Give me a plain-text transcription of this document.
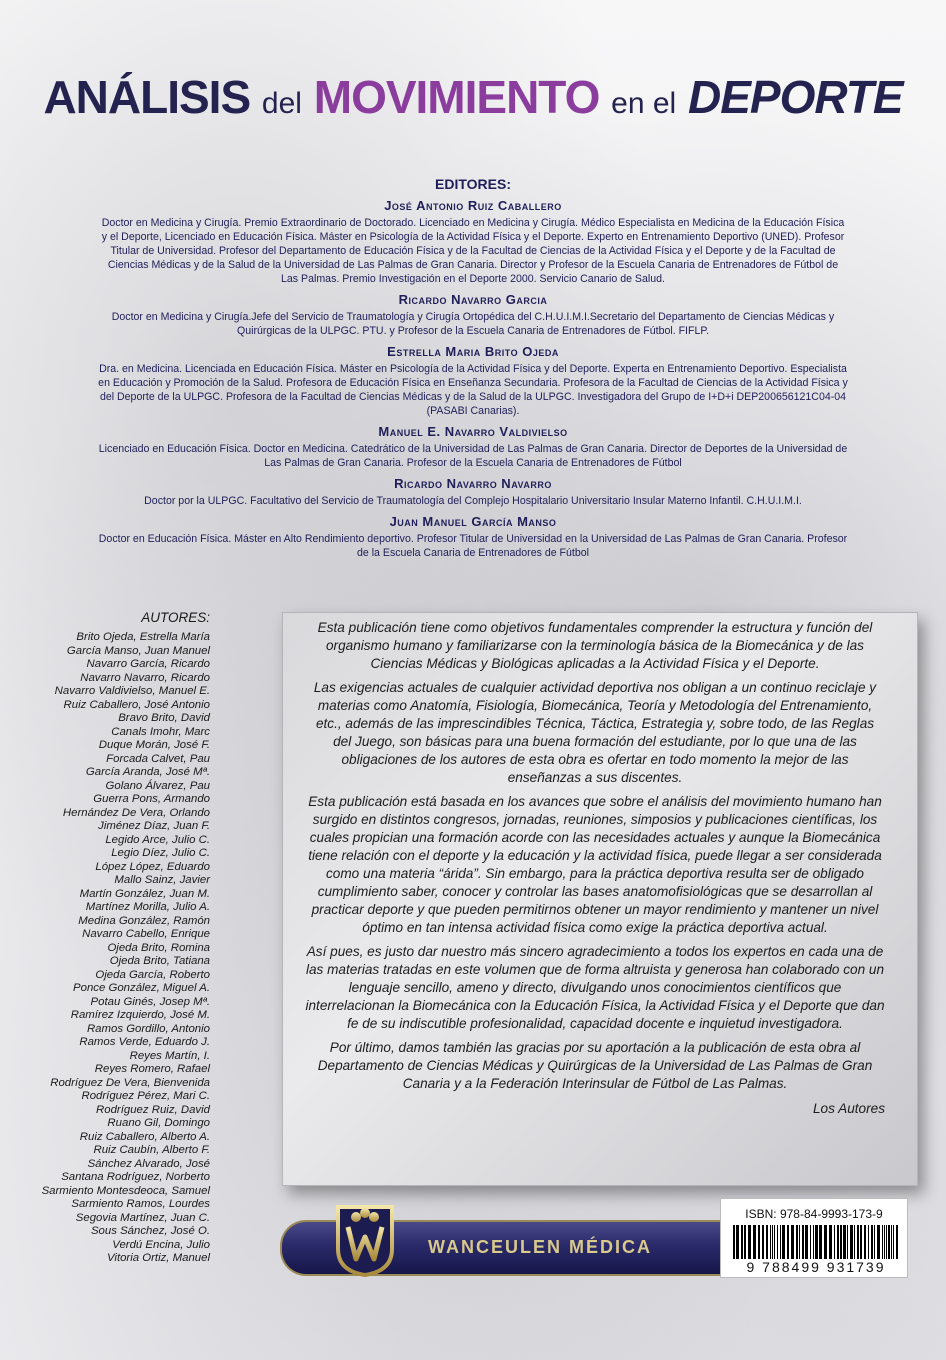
ANÁLISIS del MOVIMIENTO en el DEPORTE
EDITORES:
José Antonio Ruiz Caballero
Doctor en Medicina y Cirugía. Premio Extraordinario de Doctorado. Licenciado en Medicina y Cirugía. Médico Especialista en Medicina de la Educación Física y el Deporte, Licenciado en Educación Física. Máster en Psicología de la Actividad Física y el Deporte. Experto en Entrenamiento Deportivo (UNED). Profesor Titular de Universidad. Profesor del Departamento de Educación Física y de la Facultad de Ciencias de la Actividad Física y el Deporte y de la Facultad de Ciencias Médicas y de la Salud de la Universidad de Las Palmas de Gran Canaria. Director y Profesor de la Escuela Canaria de Entrenadores de Fútbol de Las Palmas. Premio Investigación en el Deporte 2000. Servicio Canario de Salud.
Ricardo Navarro Garcia
Doctor en Medicina y Cirugía.Jefe del Servicio de Traumatología y Cirugía Ortopédica del C.H.U.I.M.I.Secretario del Departamento de Ciencias Médicas y Quirúrgicas de la ULPGC. PTU. y Profesor de la Escuela Canaria de Entrenadores de Fútbol. FIFLP.
Estrella Maria Brito Ojeda
Dra. en Medicina. Licenciada en Educación Física. Máster en Psicología de la Actividad Física y del Deporte. Experta en Entrenamiento Deportivo. Especialista en Educación y Promoción de la Salud. Profesora de Educación Física en Enseñanza Secundaria. Profesora de la Facultad de Ciencias de la Actividad Física y del Deporte de la ULPGC. Profesora de la Facultad de Ciencias Médicas y de la Salud de la ULPGC. Investigadora del Grupo de I+D+i DEP200656121C04-04 (PASABI Canarias).
Manuel E. Navarro Valdivielso
Licenciado en Educación Física. Doctor en Medicina. Catedrático de la Universidad de Las Palmas de Gran Canaria. Director de Deportes de la Universidad de Las Palmas de Gran Canaria. Profesor de la Escuela Canaria de Entrenadores de Fútbol
Ricardo Navarro Navarro
Doctor por la ULPGC. Facultativo del Servicio de Traumatología del Complejo Hospitalario Universitario Insular Materno Infantil. C.H.U.I.M.I.
Juan Manuel García Manso
Doctor en Educación Física. Máster en Alto Rendimiento deportivo. Profesor Titular de Universidad en la Universidad de Las Palmas de Gran Canaria. Profesor de la Escuela Canaria de Entrenadores de Fútbol
AUTORES:
Brito Ojeda, Estrella María
García Manso, Juan Manuel
Navarro García, Ricardo
Navarro Navarro, Ricardo
Navarro Valdivielso, Manuel E.
Ruiz Caballero, José Antonio
Bravo Brito, David
Canals Imohr, Marc
Duque Morán, José F.
Forcada Calvet, Pau
García Aranda, José Mª.
Golano Álvarez, Pau
Guerra Pons, Armando
Hernández De Vera, Orlando
Jiménez Díaz, Juan F.
Legido Arce, Julio C.
Legio Díez, Julio C.
López López, Eduardo
Mallo Sainz, Javier
Martín González, Juan M.
Martínez Morilla, Julio A.
Medina González, Ramón
Navarro Cabello, Enrique
Ojeda Brito, Romina
Ojeda Brito, Tatiana
Ojeda García, Roberto
Ponce González, Miguel A.
Potau Ginés, Josep Mª.
Ramírez Izquierdo, José M.
Ramos Gordillo, Antonio
Ramos Verde, Eduardo J.
Reyes Martín, I.
Reyes Romero, Rafael
Rodríguez De Vera, Bienvenida
Rodríguez Pérez, Mari C.
Rodríguez Ruiz, David
Ruano Gil, Domingo
Ruiz Caballero, Alberto A.
Ruiz Caubín, Alberto F.
Sánchez Alvarado, José
Santana Rodríguez, Norberto
Sarmiento Montesdeoca, Samuel
Sarmiento Ramos, Lourdes
Segovia Martínez, Juan C.
Sous Sánchez, José O.
Verdú Encina, Julio
Vitoria Ortiz, Manuel

Esta publicación tiene como objetivos fundamentales comprender la estructura y función del organismo humano y familiarizarse con la terminología básica de la Biomecánica y de las Ciencias Médicas y Biológicas aplicadas a la Actividad Física y el Deporte.

Las exigencias actuales de cualquier actividad deportiva nos obligan a un continuo reciclaje y materias como Anatomía, Fisiología, Biomecánica, Teoría y Metodología del Entrenamiento, etc., además de las imprescindibles Técnica, Táctica, Estrategia y, sobre todo, de las Reglas del Juego, son básicas para una buena formación del estudiante, por lo que una de las obligaciones de los autores de esta obra es ofertar en todo momento la mejor de las enseñanzas a sus discentes.

Esta publicación está basada en los avances que sobre el análisis del movimiento humano han surgido en distintos congresos, jornadas, reuniones, simposios y publicaciones científicas, los cuales propician una formación acorde con las necesidades actuales y aunque la Biomecánica tiene relación con el deporte y la educación y la actividad física, puede llegar a ser considerada como una materia “árida”. Sin embargo, para la práctica deportiva resulta ser de obligado cumplimiento saber, conocer y controlar las bases anatomofisiológicas que se desarrollan al practicar deporte y que pueden permitirnos obtener un mayor rendimiento y mantener un nivel óptimo en tan intensa actividad física como exige la práctica deportiva actual.

Así pues, es justo dar nuestro más sincero agradecimiento a todos los expertos en cada una de las materias tratadas en este volumen que de forma altruista y generosa han colaborado con un lenguaje sencillo, ameno y directo, divulgando unos conocimientos científicos que interrelacionan la Biomecánica con la Educación Física, la Actividad Física y el Deporte que dan fe de su indiscutible profesionalidad, capacidad docente e inquietud investigadora.

Por último, damos también las gracias por su aportación a la publicación de esta obra al Departamento de Ciencias Médicas y Quirúrgicas de la Universidad de Las Palmas de Gran Canaria y a la Federación Interinsular de Fútbol de Las Palmas.

Los Autores
WANCEULEN MÉDICA
ISBN: 978-84-9993-173-9
9 788499 931739
